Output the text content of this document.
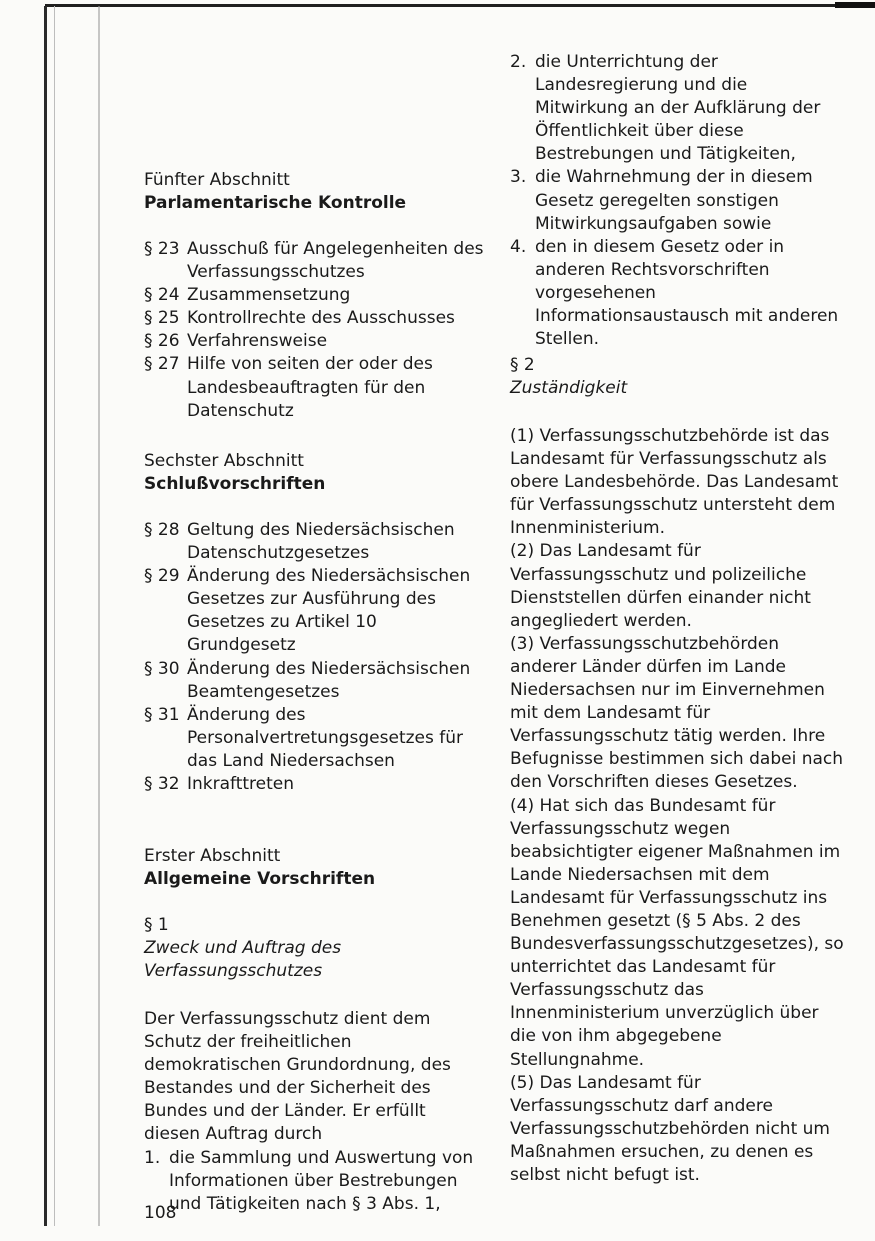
Fünfter Abschnitt

Parlamentarische Kontrolle

§ 23 Ausschuß für Angelegenheiten des Verfassungsschutzes
§ 24 Zusammensetzung
§ 25 Kontrollrechte des Ausschusses
§ 26 Verfahrensweise
§ 27 Hilfe von seiten der oder des Landesbeauftragten für den Datenschutz

Sechster Abschnitt

Schlußvorschriften

§ 28 Geltung des Niedersächsischen Datenschutzgesetzes
§ 29 Änderung des Niedersächsischen Gesetzes zur Ausführung des Gesetzes zu Artikel 10 Grundgesetz
§ 30 Änderung des Niedersächsischen Beamtengesetzes
§ 31 Änderung des Personalvertretungsgesetzes für das Land Niedersachsen
§ 32 Inkrafttreten

Erster Abschnitt

Allgemeine Vorschriften

§ 1

Zweck und Auftrag des Verfassungsschutzes

Der Verfassungsschutz dient dem Schutz der freiheitlichen demokratischen Grundordnung, des Bestandes und der Sicherheit des Bundes und der Länder. Er erfüllt diesen Auftrag durch

1. die Sammlung und Auswertung von Informationen über Bestrebungen und Tätigkeiten nach § 3 Abs. 1,
2. die Unterrichtung der Landesregierung und die Mitwirkung an der Aufklärung der Öffentlichkeit über diese Bestrebungen und Tätigkeiten,
3. die Wahrnehmung der in diesem Gesetz geregelten sonstigen Mitwirkungsaufgaben sowie
4. den in diesem Gesetz oder in anderen Rechtsvorschriften vorgesehenen Informationsaustausch mit anderen Stellen.

§ 2

Zuständigkeit

(1) Verfassungsschutzbehörde ist das Landesamt für Verfassungsschutz als obere Landesbehörde. Das Landesamt für Verfassungsschutz untersteht dem Innenministerium.

(2) Das Landesamt für Verfassungsschutz und polizeiliche Dienststellen dürfen einander nicht angegliedert werden.

(3) Verfassungsschutzbehörden anderer Länder dürfen im Lande Niedersachsen nur im Einvernehmen mit dem Landesamt für Verfassungsschutz tätig werden. Ihre Befugnisse bestimmen sich dabei nach den Vorschriften dieses Gesetzes.

(4) Hat sich das Bundesamt für Verfassungsschutz wegen beabsichtigter eigener Maßnahmen im Lande Niedersachsen mit dem Landesamt für Verfassungsschutz ins Benehmen gesetzt (§ 5 Abs. 2 des Bundesverfassungsschutzgesetzes), so unterrichtet das Landesamt für Verfassungsschutz das Innenministerium unverzüglich über die von ihm abgegebene Stellungnahme.

(5) Das Landesamt für Verfassungsschutz darf andere Verfassungsschutzbehörden nicht um Maßnahmen ersuchen, zu denen es selbst nicht befugt ist.

108
